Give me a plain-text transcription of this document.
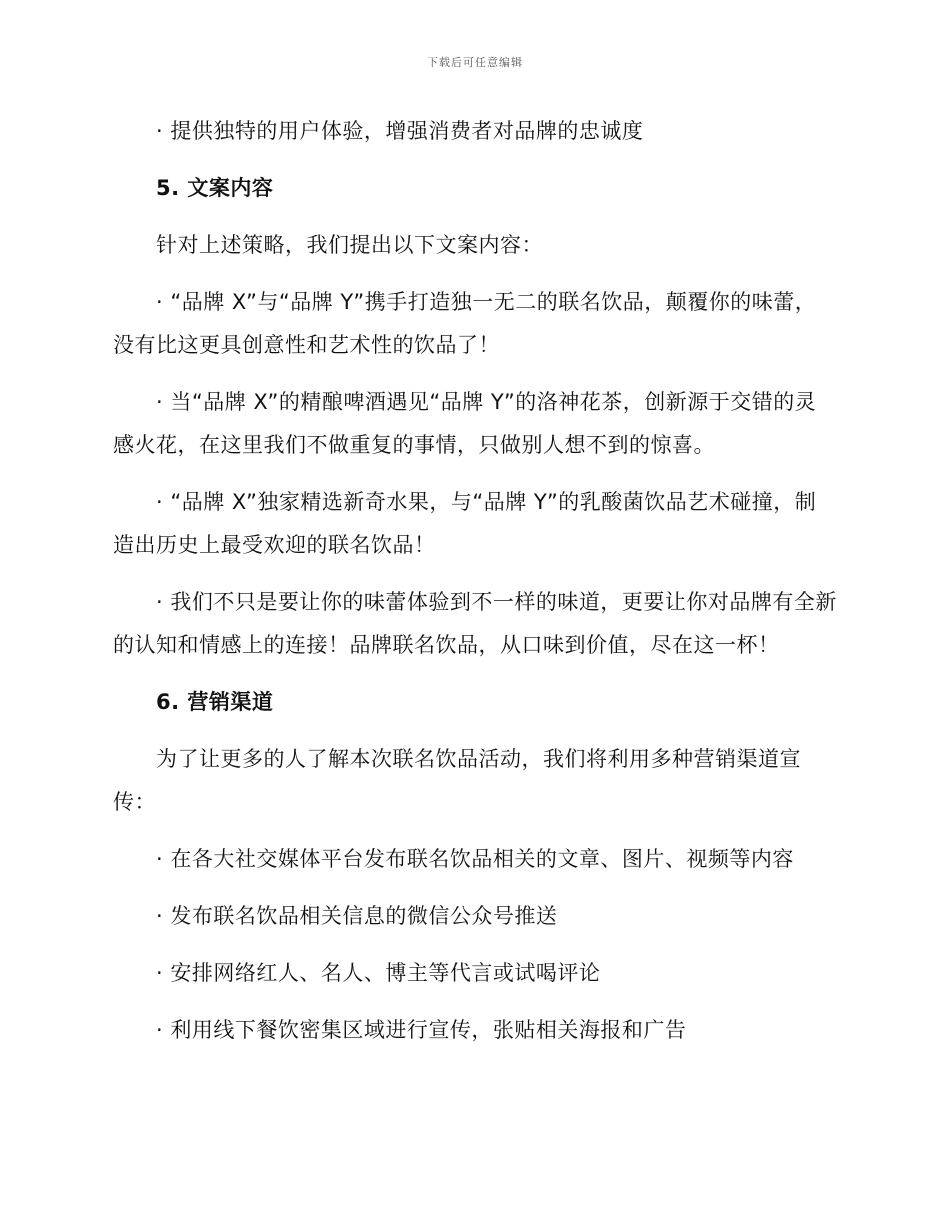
下载后可任意编辑

· 提供独特的用户体验，增强消费者对品牌的忠诚度

5. 文案内容

针对上述策略，我们提出以下文案内容：

· “品牌 X”与“品牌 Y”携手打造独一无二的联名饮品，颠覆你的味蕾，没有比这更具创意性和艺术性的饮品了！

· 当“品牌 X”的精酿啤酒遇见“品牌 Y”的洛神花茶，创新源于交错的灵感火花，在这里我们不做重复的事情，只做别人想不到的惊喜。

· “品牌 X”独家精选新奇水果，与“品牌 Y”的乳酸菌饮品艺术碰撞，制造出历史上最受欢迎的联名饮品！

· 我们不只是要让你的味蕾体验到不一样的味道，更要让你对品牌有全新的认知和情感上的连接！品牌联名饮品，从口味到价值，尽在这一杯！

6. 营销渠道

为了让更多的人了解本次联名饮品活动，我们将利用多种营销渠道宣传：

· 在各大社交媒体平台发布联名饮品相关的文章、图片、视频等内容

· 发布联名饮品相关信息的微信公众号推送

· 安排网络红人、名人、博主等代言或试喝评论

· 利用线下餐饮密集区域进行宣传，张贴相关海报和广告
